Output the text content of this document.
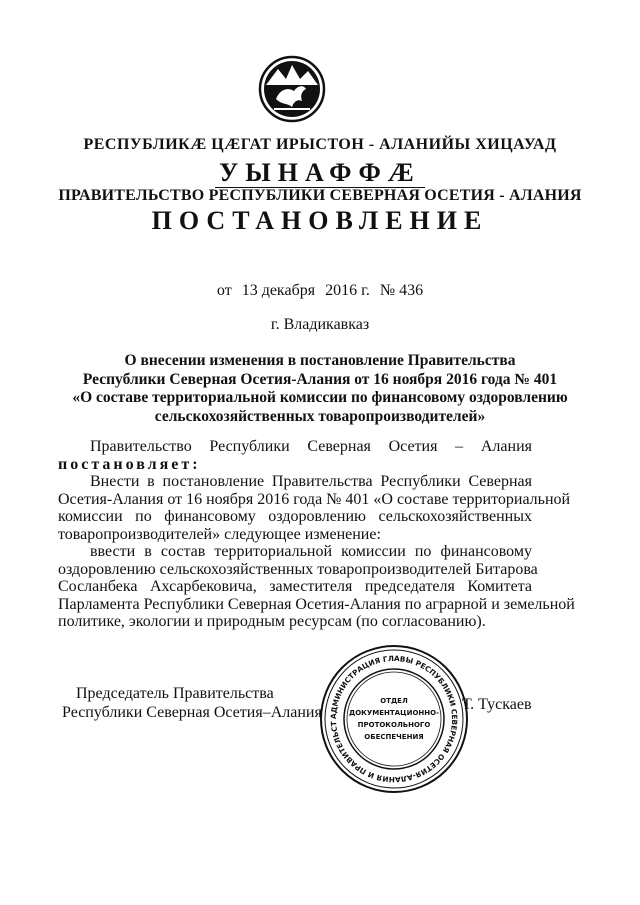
РЕСПУБЛИКӔ ЦӔГАТ ИРЫСТОН - АЛАНИЙЫ ХИЦАУАД
УЫНАФФӔ
ПРАВИТЕЛЬСТВО РЕСПУБЛИКИ СЕВЕРНАЯ ОСЕТИЯ - АЛАНИЯ
ПОСТАНОВЛЕНИЕ
от 13 декабря 2016 г. № 436
г. Владикавказ
О внесении изменения в постановление Правительства
Республики Северная Осетия-Алания от 16 ноября 2016 года № 401
«О составе территориальной комиссии по финансовому оздоровлению
сельскохозяйственных товаропроизводителей»
Правительство Республики Северная Осетия – Алания
постановляет:
Внести в постановление Правительства Республики Северная
Осетия-Алания от 16 ноября 2016 года № 401 «О составе территориальной
комиссии по финансовому оздоровлению сельскохозяйственных
товаропроизводителей» следующее изменение:
ввести в состав территориальной комиссии по финансовому
оздоровлению сельскохозяйственных товаропроизводителей Битарова
Сосланбека Ахсарбековича, заместителя председателя Комитета
Парламента Республики Северная Осетия-Алания по аграрной и земельной
политике, экологии и природным ресурсам (по согласованию).
Председатель Правительства
Республики Северная Осетия–Алания АДМИНИСТРАЦИЯ ГЛАВЫ РЕСПУБЛИКИ СЕВЕРНАЯ ОСЕТИЯ-АЛАНИЯ И ПРАВИТЕЛЬСТ
ОТДЕЛ
ДОКУМЕНТАЦИОННО-
ПРОТОКОЛЬНОГО
ОБЕСПЕЧЕНИЯ
Т. Тускаев
